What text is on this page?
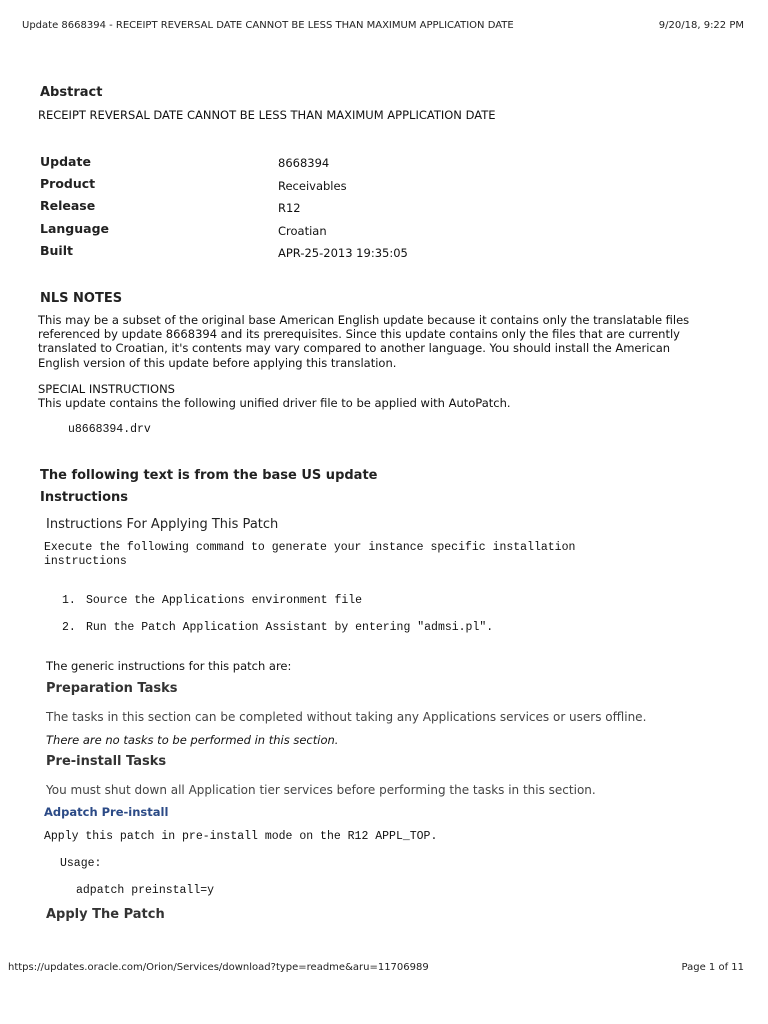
Update 8668394 - RECEIPT REVERSAL DATE CANNOT BE LESS THAN MAXIMUM APPLICATION DATE	9/20/18, 9:22 PM
Abstract
RECEIPT REVERSAL DATE CANNOT BE LESS THAN MAXIMUM APPLICATION DATE
Update	8668394
Product	Receivables
Release	R12
Language	Croatian
Built	APR-25-2013 19:35:05
NLS NOTES
This may be a subset of the original base American English update because it contains only the translatable files referenced by update 8668394 and its prerequisites. Since this update contains only the files that are currently translated to Croatian, it's contents may vary compared to another language. You should install the American English version of this update before applying this translation.
SPECIAL INSTRUCTIONS
This update contains the following unified driver file to be applied with AutoPatch.
u8668394.drv
The following text is from the base US update
Instructions
Instructions For Applying This Patch
Execute the following command to generate your instance specific installation
instructions
1. Source the Applications environment file
2. Run the Patch Application Assistant by entering "admsi.pl".
The generic instructions for this patch are:
Preparation Tasks
The tasks in this section can be completed without taking any Applications services or users offline.
There are no tasks to be performed in this section.
Pre-install Tasks
You must shut down all Application tier services before performing the tasks in this section.
Adpatch Pre-install
Apply this patch in pre-install mode on the R12 APPL_TOP.
Usage:
adpatch preinstall=y
Apply The Patch
https://updates.oracle.com/Orion/Services/download?type=readme&aru=11706989	Page 1 of 11
